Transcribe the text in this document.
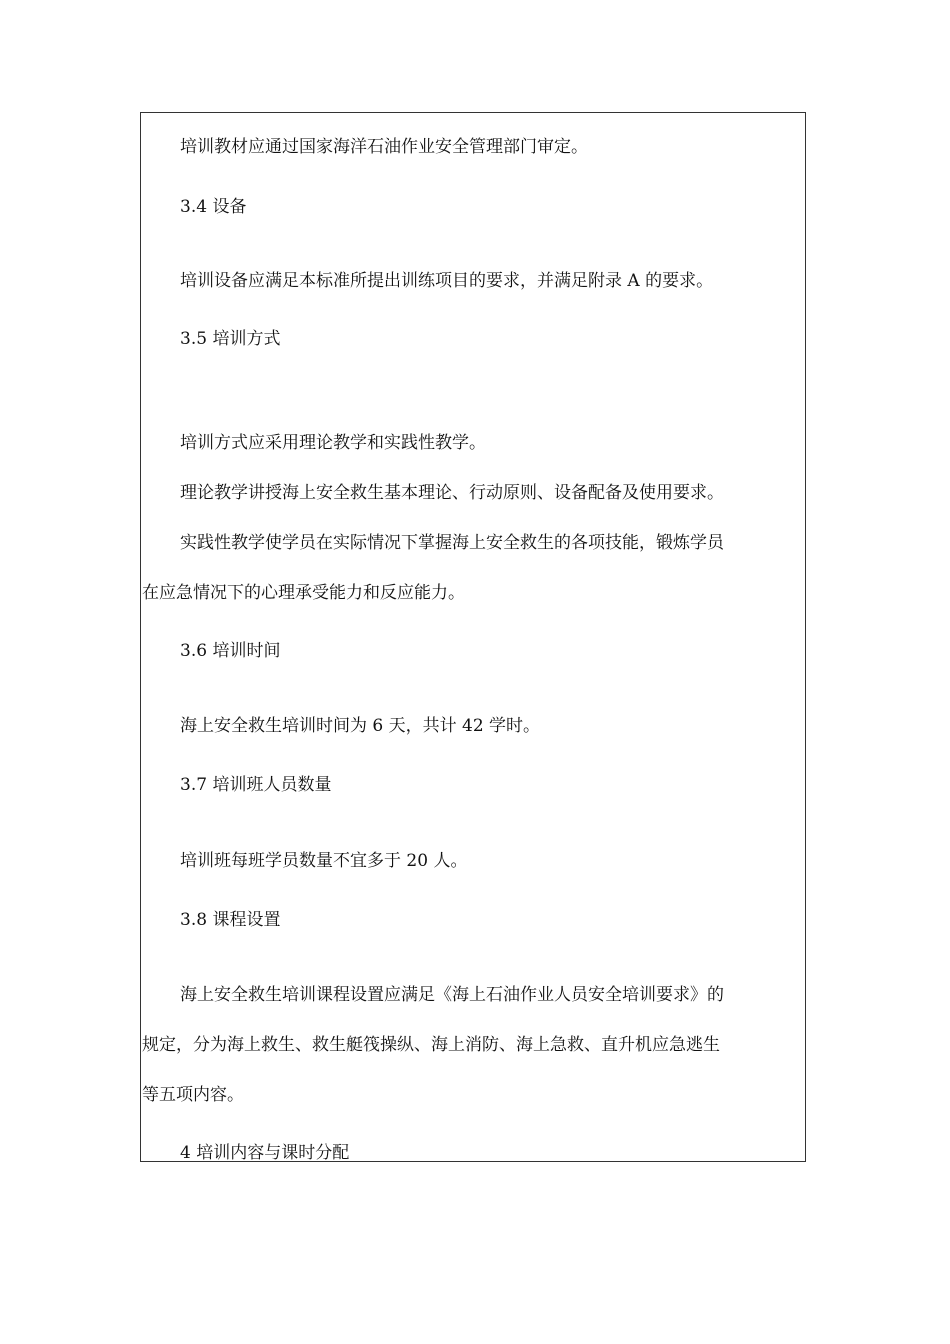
培训教材应通过国家海洋石油作业安全管理部门审定。
3.4 设备
培训设备应满足本标准所提出训练项目的要求，并满足附录 A 的要求。
3.5 培训方式
培训方式应采用理论教学和实践性教学。
理论教学讲授海上安全救生基本理论、行动原则、设备配备及使用要求。
实践性教学使学员在实际情况下掌握海上安全救生的各项技能，锻炼学员
在应急情况下的心理承受能力和反应能力。
3.6 培训时间
海上安全救生培训时间为 6 天，共计 42 学时。
3.7 培训班人员数量
培训班每班学员数量不宜多于 20 人。
3.8 课程设置
海上安全救生培训课程设置应满足《海上石油作业人员安全培训要求》的
规定，分为海上救生、救生艇筏操纵、海上消防、海上急救、直升机应急逃生
等五项内容。
4 培训内容与课时分配
